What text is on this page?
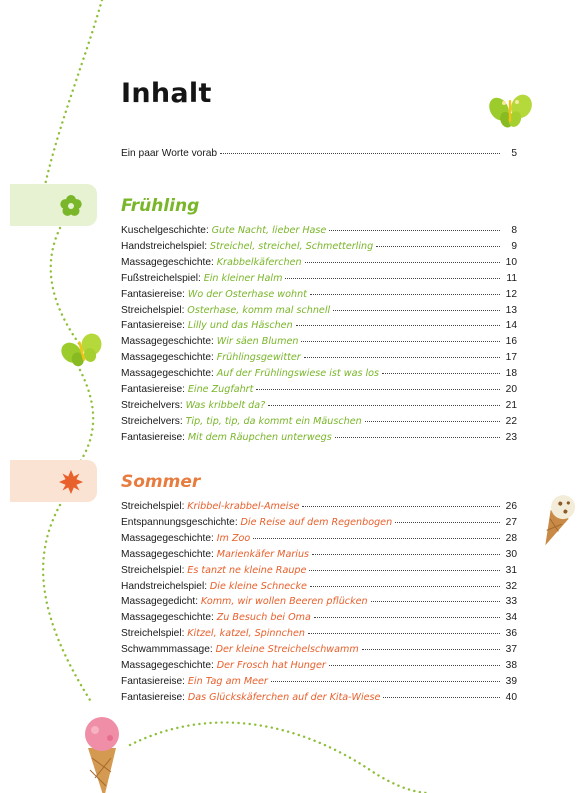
Inhalt
Ein paar Worte vorab	5
Frühling
Kuschelgeschichte: Gute Nacht, lieber Hase	8
Handstreichelspiel: Streichel, streichel, Schmetterling	9
Massagegeschichte: Krabbelkäferchen	10
Fußstreichelspiel: Ein kleiner Halm	11
Fantasiereise: Wo der Osterhase wohnt	12
Streichelspiel: Osterhase, komm mal schnell	13
Fantasiereise: Lilly und das Häschen	14
Massagegeschichte: Wir säen Blumen	16
Massagegeschichte: Frühlingsgewitter	17
Massagegeschichte: Auf der Frühlingswiese ist was los	18
Fantasiereise: Eine Zugfahrt	20
Streichelvers: Was kribbelt da?	21
Streichelvers: Tip, tip, tip, da kommt ein Mäuschen	22
Fantasiereise: Mit dem Räupchen unterwegs	23
Sommer
Streichelspiel: Kribbel-krabbel-Ameise	26
Entspannungsgeschichte: Die Reise auf dem Regenbogen	27
Massagegeschichte: Im Zoo	28
Massagegeschichte: Marienkäfer Marius	30
Streichelspiel: Es tanzt ne kleine Raupe	31
Handstreichelspiel: Die kleine Schnecke	32
Massagegedicht: Komm, wir wollen Beeren pflücken	33
Massagegeschichte: Zu Besuch bei Oma	34
Streichelspiel: Kitzel, katzel, Spinnchen	36
Schwammmassage: Der kleine Streichelschwamm	37
Massagegeschichte: Der Frosch hat Hunger	38
Fantasiereise: Ein Tag am Meer	39
Fantasiereise: Das Glückskäferchen auf der Kita-Wiese	40
